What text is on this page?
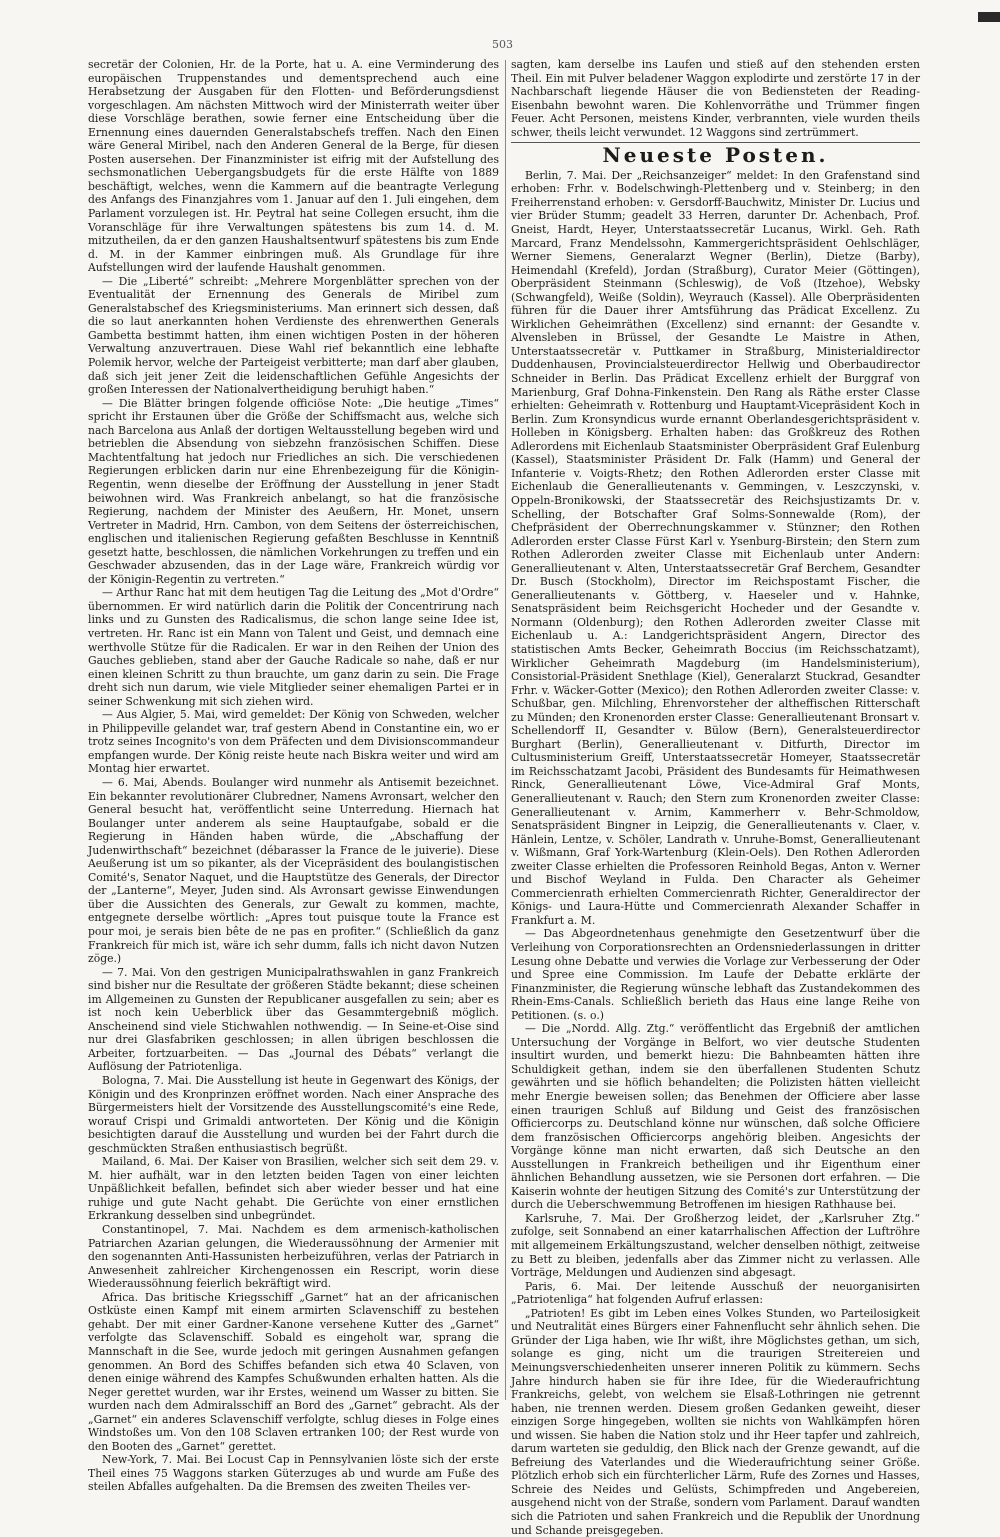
503

secretär der Colonien, Hr. de la Porte, hat u. A. eine Verminderung des europäischen Truppenstandes und dementsprechend auch eine Herabsetzung der Ausgaben für den Flotten- und Beförderungsdienst vorgeschlagen. Am nächsten Mittwoch wird der Ministerrath weiter über diese Vorschläge berathen, sowie ferner eine Entscheidung über die Ernennung eines dauernden Generalstabschefs treffen. Nach den Einen wäre General Miribel, nach den Anderen General de la Berge, für diesen Posten ausersehen. Der Finanzminister ist eifrig mit der Aufstellung des sechsmonatlichen Uebergangsbudgets für die erste Hälfte von 1889 beschäftigt, welches, wenn die Kammern auf die beantragte Verlegung des Anfangs des Finanzjahres vom 1. Januar auf den 1. Juli eingehen, dem Parlament vorzulegen ist. Hr. Peytral hat seine Collegen ersucht, ihm die Voranschläge für ihre Verwaltungen spätestens bis zum 14. d. M. mitzutheilen, da er den ganzen Haushaltsentwurf spätestens bis zum Ende d. M. in der Kammer einbringen muß. Als Grundlage für ihre Aufstellungen wird der laufende Haushalt genommen.

— Die „Liberté“ schreibt: „Mehrere Morgenblätter sprechen von der Eventualität der Ernennung des Generals de Miribel zum Generalstabschef des Kriegsministeriums. Man erinnert sich dessen, daß die so laut anerkannten hohen Verdienste des ehrenwerthen Generals Gambetta bestimmt hatten, ihm einen wichtigen Posten in der höheren Verwaltung anzuvertrauen. Diese Wahl rief bekanntlich eine lebhafte Polemik hervor, welche der Parteigeist verbitterte; man darf aber glauben, daß sich jeit jener Zeit die leidenschaftlichen Gefühle Angesichts der großen Interessen der Nationalvertheidigung beruhigt haben.“

— Die Blätter bringen folgende officiöse Note: „Die heutige „Times“ spricht ihr Erstaunen über die Größe der Schiffsmacht aus, welche sich nach Barcelona aus Anlaß der dortigen Weltausstellung begeben wird und betrieblen die Absendung von siebzehn französischen Schiffen. Diese Machtentfaltung hat jedoch nur Friedliches an sich. Die verschiedenen Regierungen erblicken darin nur eine Ehrenbezeigung für die Königin-Regentin, wenn dieselbe der Eröffnung der Ausstellung in jener Stadt beiwohnen wird. Was Frankreich anbelangt, so hat die französische Regierung, nachdem der Minister des Aeußern, Hr. Monet, unsern Vertreter in Madrid, Hrn. Cambon, von dem Seitens der österreichischen, englischen und italienischen Regierung gefaßten Beschlusse in Kenntniß gesetzt hatte, beschlossen, die nämlichen Vorkehrungen zu treffen und ein Geschwader abzusenden, das in der Lage wäre, Frankreich würdig vor der Königin-Regentin zu vertreten.“

— Arthur Ranc hat mit dem heutigen Tag die Leitung des „Mot d'Ordre“ übernommen. Er wird natürlich darin die Politik der Concentrirung nach links und zu Gunsten des Radicalismus, die schon lange seine Idee ist, vertreten. Hr. Ranc ist ein Mann von Talent und Geist, und demnach eine werthvolle Stütze für die Radicalen. Er war in den Reihen der Union des Gauches geblieben, stand aber der Gauche Radicale so nahe, daß er nur einen kleinen Schritt zu thun brauchte, um ganz darin zu sein. Die Frage dreht sich nun darum, wie viele Mitglieder seiner ehemaligen Partei er in seiner Schwenkung mit sich ziehen wird.

— Aus Algier, 5. Mai, wird gemeldet: Der König von Schweden, welcher in Philippeville gelandet war, traf gestern Abend in Constantine ein, wo er trotz seines Incognito's von dem Präfecten und dem Divisionscommandeur empfangen wurde. Der König reiste heute nach Biskra weiter und wird am Montag hier erwartet.

— 6. Mai, Abends. Boulanger wird nunmehr als Antisemit bezeichnet. Ein bekannter revolutionärer Clubredner, Namens Avronsart, welcher den General besucht hat, veröffentlicht seine Unterredung. Hiernach hat Boulanger unter anderem als seine Hauptaufgabe, sobald er die Regierung in Händen haben würde, die „Abschaffung der Judenwirthschaft“ bezeichnet (débarasser la France de le juiverie). Diese Aeußerung ist um so pikanter, als der Vicepräsident des boulangistischen Comité's, Senator Naquet, und die Hauptstütze des Generals, der Director der „Lanterne“, Meyer, Juden sind. Als Avronsart gewisse Einwendungen über die Aussichten des Generals, zur Gewalt zu kommen, machte, entgegnete derselbe wörtlich: „Apres tout puisque toute la France est pour moi, je serais bien bête de ne pas en profiter.“ (Schließlich da ganz Frankreich für mich ist, wäre ich sehr dumm, falls ich nicht davon Nutzen zöge.)

— 7. Mai. Von den gestrigen Municipalrathswahlen in ganz Frankreich sind bisher nur die Resultate der größeren Städte bekannt; diese scheinen im Allgemeinen zu Gunsten der Republicaner ausgefallen zu sein; aber es ist noch kein Ueberblick über das Gesammtergebniß möglich. Anscheinend sind viele Stichwahlen nothwendig. — In Seine-et-Oise sind nur drei Glasfabriken geschlossen; in allen übrigen beschlossen die Arbeiter, fortzuarbeiten. — Das „Journal des Débats“ verlangt die Auflösung der Patriotenliga.

Bologna, 7. Mai. Die Ausstellung ist heute in Gegenwart des Königs, der Königin und des Kronprinzen eröffnet worden. Nach einer Ansprache des Bürgermeisters hielt der Vorsitzende des Ausstellungscomité's eine Rede, worauf Crispi und Grimaldi antworteten. Der König und die Königin besichtigten darauf die Ausstellung und wurden bei der Fahrt durch die geschmückten Straßen enthusiastisch begrüßt.

Mailand, 6. Mai. Der Kaiser von Brasilien, welcher sich seit dem 29. v. M. hier aufhält, war in den letzten beiden Tagen von einer leichten Unpäßlichkeit befallen, befindet sich aber wieder besser und hat eine ruhige und gute Nacht gehabt. Die Gerüchte von einer ernstlichen Erkrankung desselben sind unbegründet.

Constantinopel, 7. Mai. Nachdem es dem armenisch-katholischen Patriarchen Azarian gelungen, die Wiederaussöhnung der Armenier mit den sogenannten Anti-Hassunisten herbeizuführen, verlas der Patriarch in Anwesenheit zahlreicher Kirchengenossen ein Rescript, worin diese Wiederaussöhnung feierlich bekräftigt wird.

Africa. Das britische Kriegsschiff „Garnet“ hat an der africanischen Ostküste einen Kampf mit einem armirten Sclavenschiff zu bestehen gehabt. Der mit einer Gardner-Kanone versehene Kutter des „Garnet“ verfolgte das Sclavenschiff. Sobald es eingeholt war, sprang die Mannschaft in die See, wurde jedoch mit geringen Ausnahmen gefangen genommen. An Bord des Schiffes befanden sich etwa 40 Sclaven, von denen einige während des Kampfes Schußwunden erhalten hatten. Als die Neger gerettet wurden, war ihr Erstes, weinend um Wasser zu bitten. Sie wurden nach dem Admiralsschiff an Bord des „Garnet“ gebracht. Als der „Garnet“ ein anderes Sclavenschiff verfolgte, schlug dieses in Folge eines Windstoßes um. Von den 108 Sclaven ertranken 100; der Rest wurde von den Booten des „Garnet“ gerettet.

New-York, 7. Mai. Bei Locust Cap in Pennsylvanien löste sich der erste Theil eines 75 Waggons starken Güterzuges ab und wurde am Fuße des steilen Abfalles aufgehalten. Da die Bremsen des zweiten Theiles ver-

sagten, kam derselbe ins Laufen und stieß auf den stehenden ersten Theil. Ein mit Pulver beladener Waggon explodirte und zerstörte 17 in der Nachbarschaft liegende Häuser die von Bediensteten der Reading-Eisenbahn bewohnt waren. Die Kohlenvorräthe und Trümmer fingen Feuer. Acht Personen, meistens Kinder, verbrannten, viele wurden theils schwer, theils leicht verwundet. 12 Waggons sind zertrümmert.

Neueste Posten.

Berlin, 7. Mai. Der „Reichsanzeiger“ meldet: In den Grafenstand sind erhoben: Frhr. v. Bodelschwingh-Plettenberg und v. Steinberg; in den Freiherrenstand erhoben: v. Gersdorff-Bauchwitz, Minister Dr. Lucius und vier Brüder Stumm; geadelt 33 Herren, darunter Dr. Achenbach, Prof. Gneist, Hardt, Heyer, Unterstaatssecretär Lucanus, Wirkl. Geh. Rath Marcard, Franz Mendelssohn, Kammergerichtspräsident Oehlschläger, Werner Siemens, Generalarzt Wegner (Berlin), Dietze (Barby), Heimendahl (Krefeld), Jordan (Straßburg), Curator Meier (Göttingen), Oberpräsident Steinmann (Schleswig), de Voß (Itzehoe), Websky (Schwangfeld), Weiße (Soldin), Weyrauch (Kassel). Alle Oberpräsidenten führen für die Dauer ihrer Amtsführung das Prädicat Excellenz. Zu Wirklichen Geheimräthen (Excellenz) sind ernannt: der Gesandte v. Alvensleben in Brüssel, der Gesandte Le Maistre in Athen, Unterstaatssecretär v. Puttkamer in Straßburg, Ministerialdirector Duddenhausen, Provincialsteuerdirector Hellwig und Oberbaudirector Schneider in Berlin. Das Prädicat Excellenz erhielt der Burggraf von Marienburg, Graf Dohna-Finkenstein. Den Rang als Räthe erster Classe erhielten: Geheimrath v. Rottenburg und Hauptamt-Vicepräsident Koch in Berlin. Zum Kronsyndicus wurde ernannt Oberlandesgerichtspräsident v. Holleben in Königsberg. Erhalten haben: das Großkreuz des Rothen Adlerordens mit Eichenlaub Staatsminister Oberpräsident Graf Eulenburg (Kassel), Staatsminister Präsident Dr. Falk (Hamm) und General der Infanterie v. Voigts-Rhetz; den Rothen Adlerorden erster Classe mit Eichenlaub die Generallieutenants v. Gemmingen, v. Leszczynski, v. Oppeln-Bronikowski, der Staatssecretär des Reichsjustizamts Dr. v. Schelling, der Botschafter Graf Solms-Sonnewalde (Rom), der Chefpräsident der Oberrechnungskammer v. Stünzner; den Rothen Adlerorden erster Classe Fürst Karl v. Ysenburg-Birstein; den Stern zum Rothen Adlerorden zweiter Classe mit Eichenlaub unter Andern: Generallieutenant v. Alten, Unterstaatssecretär Graf Berchem, Gesandter Dr. Busch (Stockholm), Director im Reichspostamt Fischer, die Generallieutenants v. Göttberg, v. Haeseler und v. Hahnke, Senatspräsident beim Reichsgericht Hocheder und der Gesandte v. Normann (Oldenburg); den Rothen Adlerorden zweiter Classe mit Eichenlaub u. A.: Landgerichtspräsident Angern, Director des statistischen Amts Becker, Geheimrath Boccius (im Reichsschatzamt), Wirklicher Geheimrath Magdeburg (im Handelsministerium), Consistorial-Präsident Snethlage (Kiel), Generalarzt Stuckrad, Gesandter Frhr. v. Wäcker-Gotter (Mexico); den Rothen Adlerorden zweiter Classe: v. Schußbar, gen. Milchling, Ehrenvorsteher der altheffischen Ritterschaft zu Münden; den Kronenorden erster Classe: Generallieutenant Bronsart v. Schellendorff II, Gesandter v. Bülow (Bern), Generalsteuerdirector Burghart (Berlin), Generallieutenant v. Ditfurth, Director im Cultusministerium Greiff, Unterstaatssecretär Homeyer, Staatssecretär im Reichsschatzamt Jacobi, Präsident des Bundesamts für Heimathwesen Rinck, Generallieutenant Löwe, Vice-Admiral Graf Monts, Generallieutenant v. Rauch; den Stern zum Kronenorden zweiter Classe: Generallieutenant v. Arnim, Kammerherr v. Behr-Schmoldow, Senatspräsident Bingner in Leipzig, die Generallieutenants v. Claer, v. Hänlein, Lentze, v. Schöler, Landrath v. Unruhe-Bomst, Generallieutenant v. Wißmann, Graf York-Wartenburg (Klein-Oels). Den Rothen Adlerorden zweiter Classe erhielten die Professoren Reinhold Begas, Anton v. Werner und Bischof Weyland in Fulda. Den Character als Geheimer Commercienrath erhielten Commercienrath Richter, Generaldirector der Königs- und Laura-Hütte und Commercienrath Alexander Schaffer in Frankfurt a. M.

— Das Abgeordnetenhaus genehmigte den Gesetzentwurf über die Verleihung von Corporationsrechten an Ordensniederlassungen in dritter Lesung ohne Debatte und verwies die Vorlage zur Verbesserung der Oder und Spree eine Commission. Im Laufe der Debatte erklärte der Finanzminister, die Regierung wünsche lebhaft das Zustandekommen des Rhein-Ems-Canals. Schließlich berieth das Haus eine lange Reihe von Petitionen. (s. o.)

— Die „Nordd. Allg. Ztg.“ veröffentlicht das Ergebniß der amtlichen Untersuchung der Vorgänge in Belfort, wo vier deutsche Studenten insultirt wurden, und bemerkt hiezu: Die Bahnbeamten hätten ihre Schuldigkeit gethan, indem sie den überfallenen Studenten Schutz gewährten und sie höflich behandelten; die Polizisten hätten vielleicht mehr Energie beweisen sollen; das Benehmen der Officiere aber lasse einen traurigen Schluß auf Bildung und Geist des französischen Officiercorps zu. Deutschland könne nur wünschen, daß solche Officiere dem französischen Officiercorps angehörig bleiben. Angesichts der Vorgänge könne man nicht erwarten, daß sich Deutsche an den Ausstellungen in Frankreich betheiligen und ihr Eigenthum einer ähnlichen Behandlung aussetzen, wie sie Personen dort erfahren. — Die Kaiserin wohnte der heutigen Sitzung des Comité's zur Unterstützung der durch die Ueberschwemmung Betroffenen im hiesigen Rathhause bei.

Karlsruhe, 7. Mai. Der Großherzog leidet, der „Karlsruher Ztg.“ zufolge, seit Sonnabend an einer katarrhalischen Affection der Luftröhre mit allgemeinem Erkältungszustand, welcher denselben nöthigt, zeitweise zu Bett zu bleiben, jedenfalls aber das Zimmer nicht zu verlassen. Alle Vorträge, Meldungen und Audienzen sind abgesagt.

Paris, 6. Mai. Der leitende Ausschuß der neuorganisirten „Patriotenliga“ hat folgenden Aufruf erlassen:

„Patrioten! Es gibt im Leben eines Volkes Stunden, wo Parteilosigkeit und Neutralität eines Bürgers einer Fahnenflucht sehr ähnlich sehen. Die Gründer der Liga haben, wie Ihr wißt, ihre Möglichstes gethan, um sich, solange es ging, nicht um die traurigen Streitereien und Meinungsverschiedenheiten unserer inneren Politik zu kümmern. Sechs Jahre hindurch haben sie für ihre Idee, für die Wiederaufrichtung Frankreichs, gelebt, von welchem sie Elsaß-Lothringen nie getrennt haben, nie trennen werden. Diesem großen Gedanken geweiht, dieser einzigen Sorge hingegeben, wollten sie nichts von Wahlkämpfen hören und wissen. Sie haben die Nation stolz und ihr Heer tapfer und zahlreich, darum warteten sie geduldig, den Blick nach der Grenze gewandt, auf die Befreiung des Vaterlandes und die Wiederaufrichtung seiner Größe. Plötzlich erhob sich ein fürchterlicher Lärm, Rufe des Zornes und Hasses, Schreie des Neides und Gelüsts, Schimpfreden und Angebereien, ausgehend nicht von der Straße, sondern vom Parlament. Darauf wandten sich die Patrioten und sahen Frankreich und die Republik der Unordnung und Schande preisgegeben.
